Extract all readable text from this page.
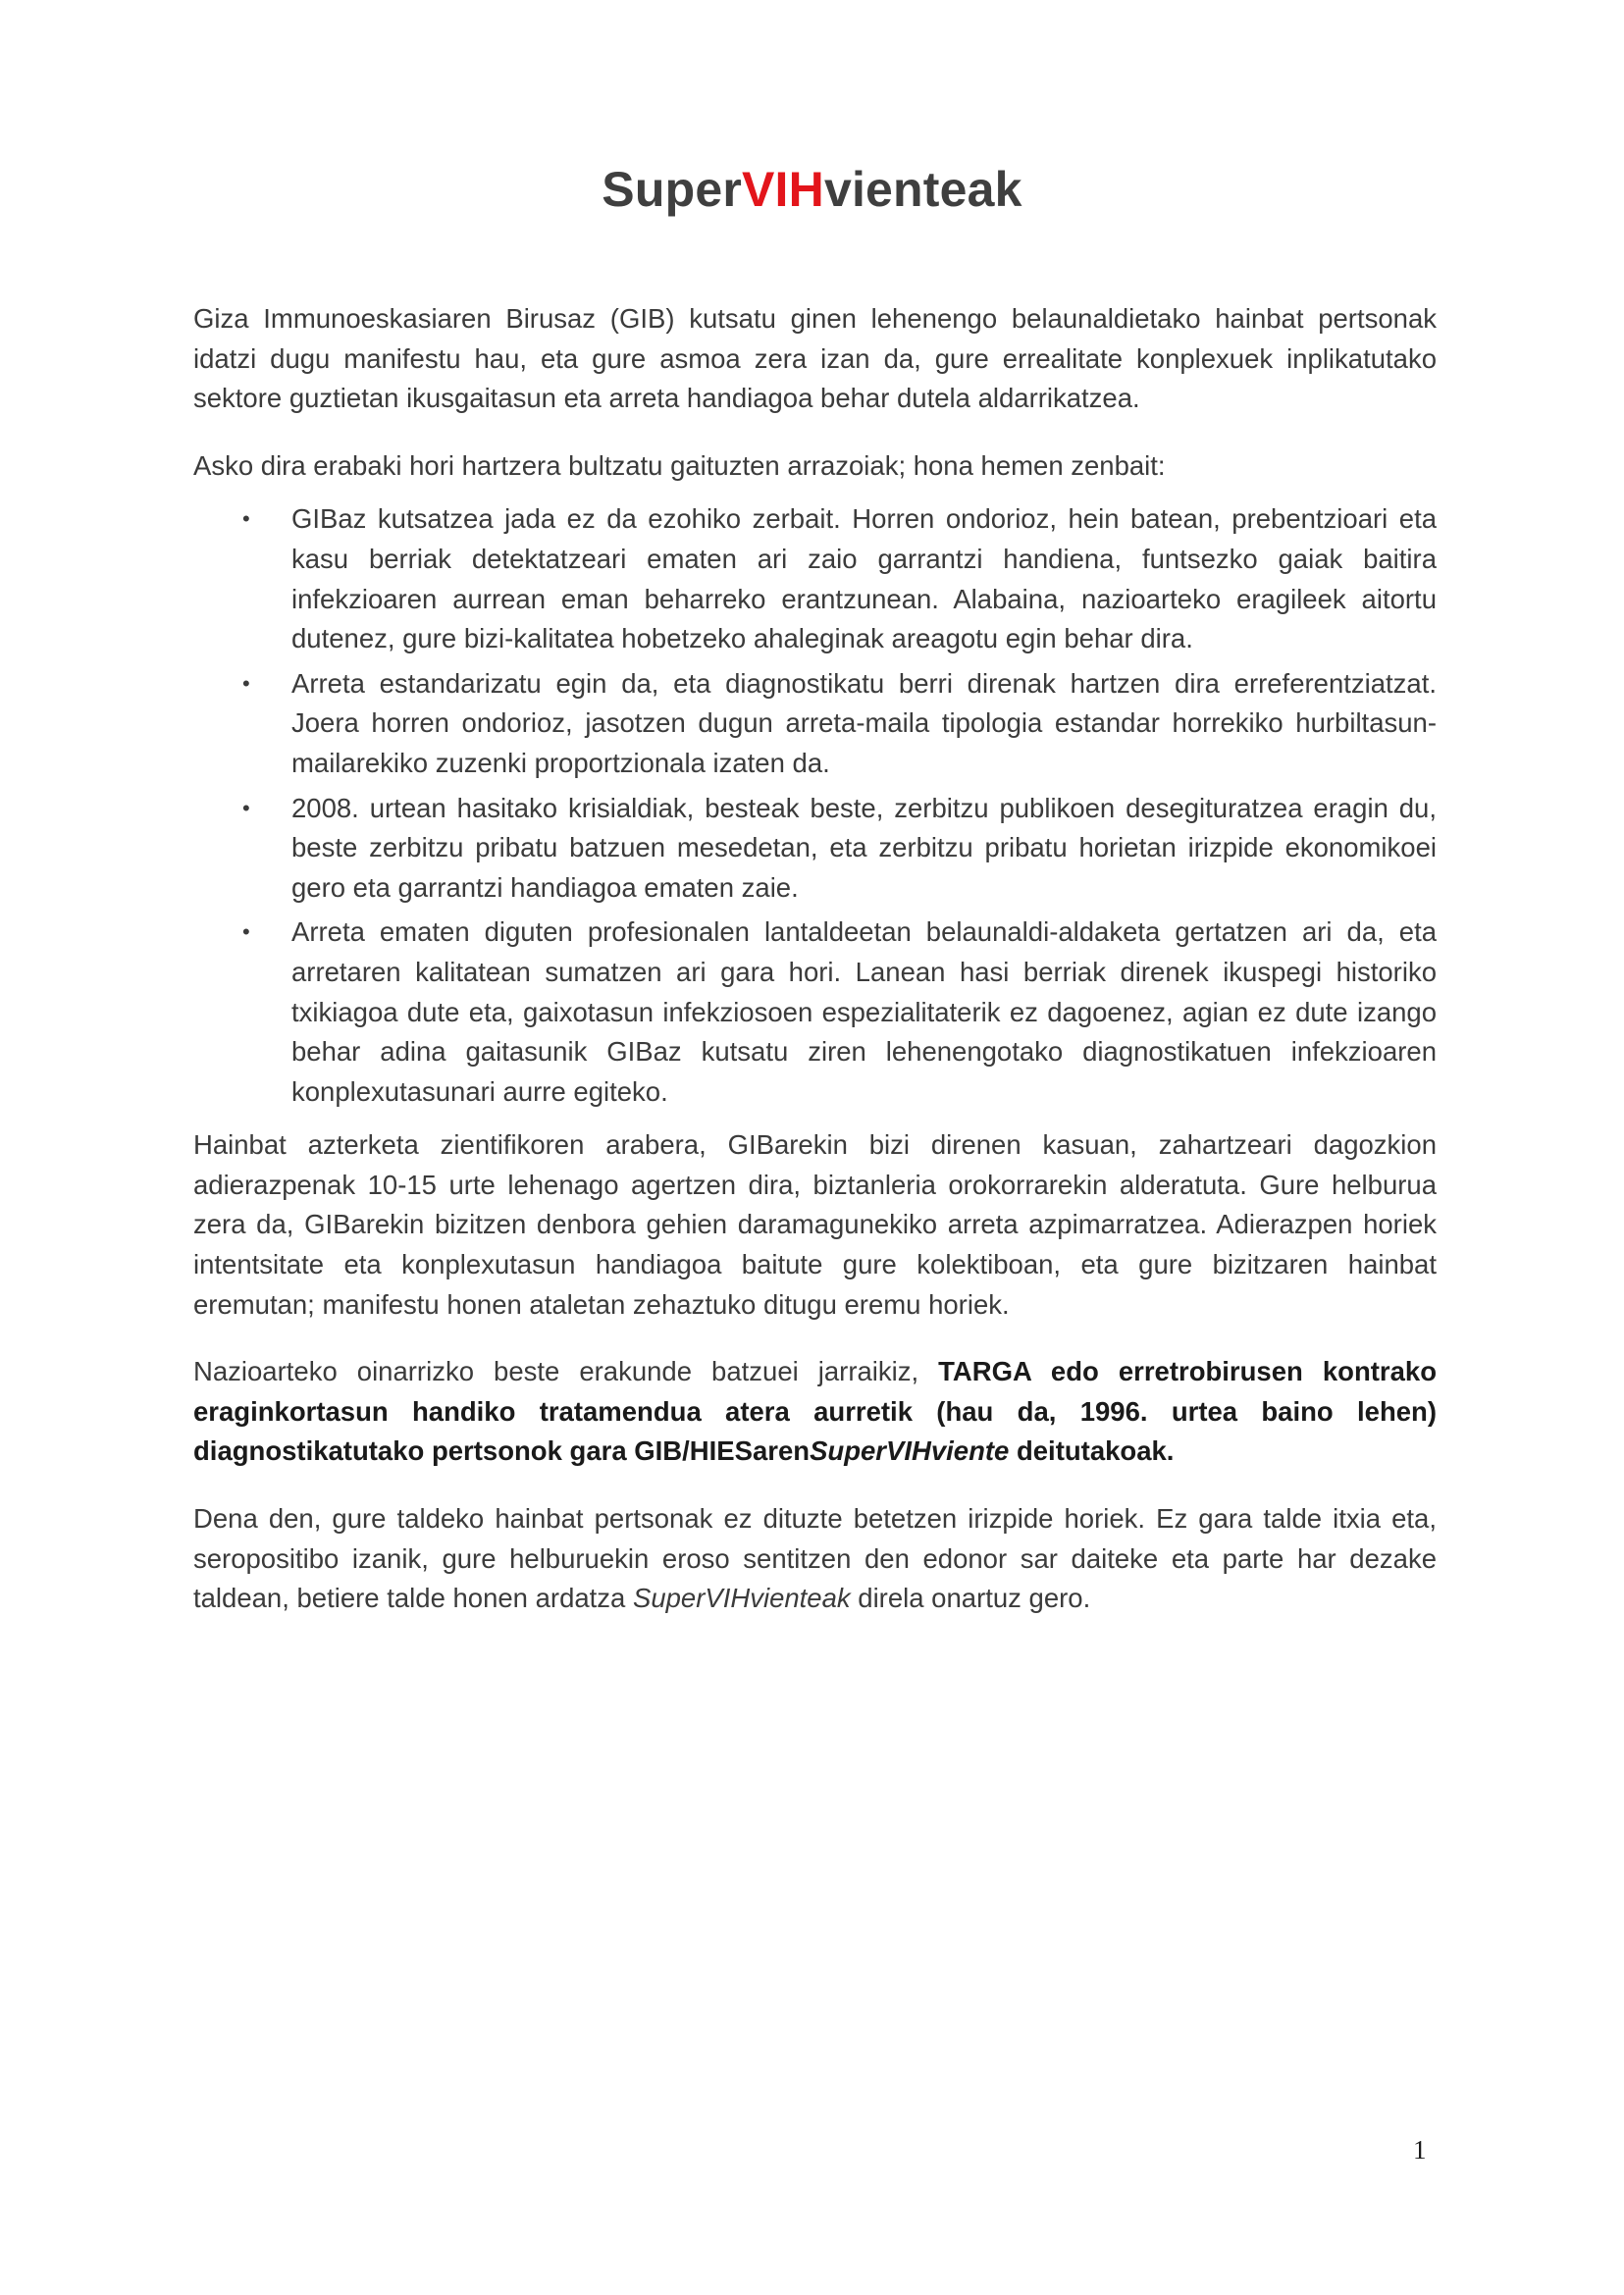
SuperVIHvienteak

Giza Immunoeskasiaren Birusaz (GIB) kutsatu ginen lehenengo belaunaldietako hainbat pertsonak idatzi dugu manifestu hau, eta gure asmoa zera izan da, gure errealitate konplexuek inplikatutako sektore guztietan ikusgaitasun eta arreta handiagoa behar dutela aldarrikatzea.

Asko dira erabaki hori hartzera bultzatu gaituzten arrazoiak; hona hemen zenbait:

• GIBaz kutsatzea jada ez da ezohiko zerbait. Horren ondorioz, hein batean, prebentzioari eta kasu berriak detektatzeari ematen ari zaio garrantzi handiena, funtsezko gaiak baitira infekzioaren aurrean eman beharreko erantzunean. Alabaina, nazioarteko eragileek aitortu dutenez, gure bizi-kalitatea hobetzeko ahaleginak areagotu egin behar dira.
• Arreta estandarizatu egin da, eta diagnostikatu berri direnak hartzen dira erreferentziatzat. Joera horren ondorioz, jasotzen dugun arreta-maila tipologia estandar horrekiko hurbiltasun-mailarekiko zuzenki proportzionala izaten da.
• 2008. urtean hasitako krisialdiak, besteak beste, zerbitzu publikoen desegituratzea eragin du, beste zerbitzu pribatu batzuen mesedetan, eta zerbitzu pribatu horietan irizpide ekonomikoei gero eta garrantzi handiagoa ematen zaie.
• Arreta ematen diguten profesionalen lantaldeetan belaunaldi-aldaketa gertatzen ari da, eta arretaren kalitatean sumatzen ari gara hori. Lanean hasi berriak direnek ikuspegi historiko txikiagoa dute eta, gaixotasun infekziosoen espezialitaterik ez dagoenez, agian ez dute izango behar adina gaitasunik GIBaz kutsatu ziren lehenengotako diagnostikatuen infekzioaren konplexutasunari aurre egiteko.

Hainbat azterketa zientifikoren arabera, GIBarekin bizi direnen kasuan, zahartzeari dagozkion adierazpenak 10-15 urte lehenago agertzen dira, biztanleria orokorrarekin alderatuta. Gure helburua zera da, GIBarekin bizitzen denbora gehien daramagunekiko arreta azpimarratzea. Adierazpen horiek intentsitate eta konplexutasun handiagoa baitute gure kolektiboan, eta gure bizitzaren hainbat eremutan; manifestu honen ataletan zehaztuko ditugu eremu horiek.

Nazioarteko oinarrizko beste erakunde batzuei jarraikiz, TARGA edo erretrobirusen kontrako eraginkortasun handiko tratamendua atera aurretik (hau da, 1996. urtea baino lehen) diagnostikatutako pertsonok gara GIB/HIESarenSuperVIHviente deitutakoak.

Dena den, gure taldeko hainbat pertsonak ez dituzte betetzen irizpide horiek. Ez gara talde itxia eta, seropositibo izanik, gure helburuekin eroso sentitzen den edonor sar daiteke eta parte har dezake taldean, betiere talde honen ardatza SuperVIHvienteak direla onartuz gero.

1
